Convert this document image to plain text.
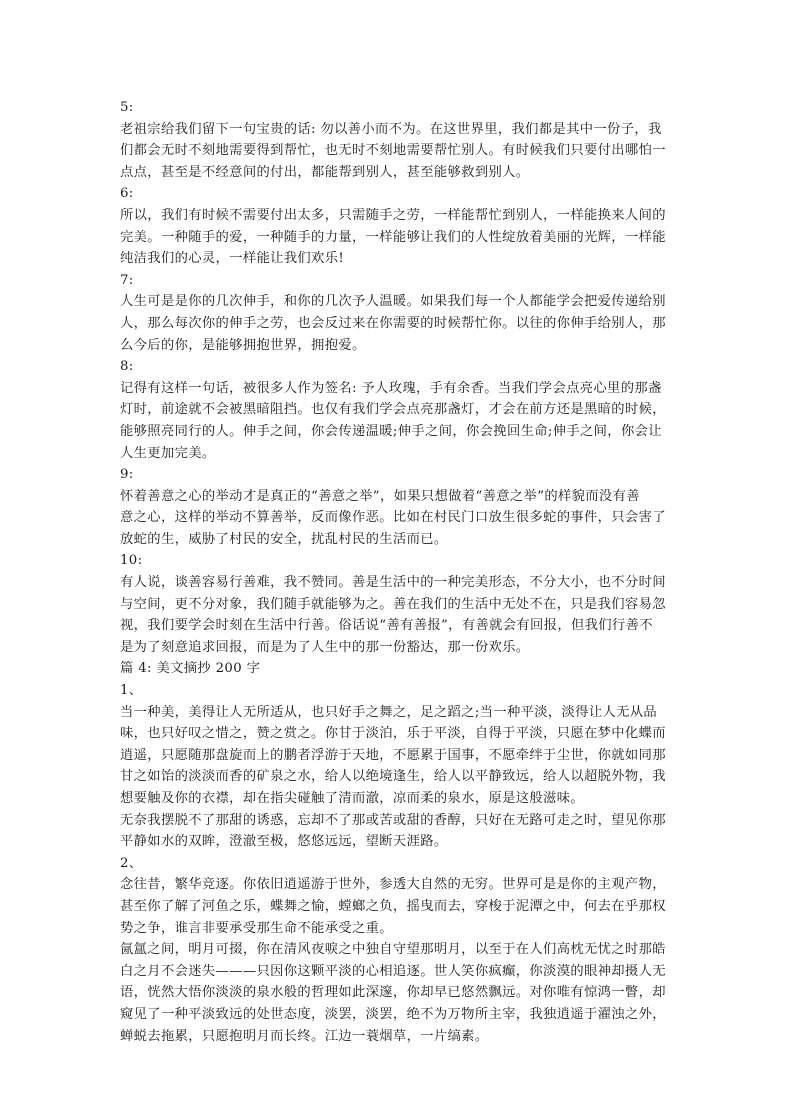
5:
老祖宗给我们留下一句宝贵的话: 勿以善小而不为。在这世界里，我们都是其中一份子，我
们都会无时不刻地需要得到帮忙，也无时不刻地需要帮忙别人。有时候我们只要付出哪怕一
点点，甚至是不经意间的付出，都能帮到别人，甚至能够救到别人。
6:
所以，我们有时候不需要付出太多，只需随手之劳，一样能帮忙到别人，一样能换来人间的
完美。一种随手的爱，一种随手的力量，一样能够让我们的人性绽放着美丽的光辉，一样能
纯洁我们的心灵，一样能让我们欢乐!
7:
人生可是是你的几次伸手，和你的几次予人温暖。如果我们每一个人都能学会把爱传递给别
人，那么每次你的伸手之劳，也会反过来在你需要的时候帮忙你。以往的你伸手给别人，那
么今后的你，是能够拥抱世界，拥抱爱。
8:
记得有这样一句话，被很多人作为签名: 予人玫瑰，手有余香。当我们学会点亮心里的那盏
灯时，前途就不会被黑暗阻挡。也仅有我们学会点亮那盏灯，才会在前方还是黑暗的时候，
能够照亮同行的人。伸手之间，你会传递温暖;伸手之间，你会挽回生命;伸手之间，你会让
人生更加完美。
9:
怀着善意之心的举动才是真正的“善意之举”，如果只想做着“善意之举”的样貌而没有善
意之心，这样的举动不算善举，反而像作恶。比如在村民门口放生很多蛇的事件，只会害了
放蛇的生，威胁了村民的安全，扰乱村民的生活而已。
10:
有人说，谈善容易行善难，我不赞同。善是生活中的一种完美形态，不分大小，也不分时间
与空间，更不分对象，我们随手就能够为之。善在我们的生活中无处不在，只是我们容易忽
视，我们要学会时刻在生活中行善。俗话说“善有善报”，有善就会有回报，但我们行善不
是为了刻意追求回报，而是为了人生中的那一份豁达，那一份欢乐。
篇 4: 美文摘抄 200 字
1、
当一种美，美得让人无所适从，也只好手之舞之，足之蹈之;当一种平淡，淡得让人无从品
味，也只好叹之惜之，赞之赏之。你甘于淡泊，乐于平淡，自得于平淡，只愿在梦中化蝶而
逍遥，只愿随那盘旋而上的鹏者浮游于天地，不愿累于国事，不愿牵绊于尘世，你就如同那
甘之如饴的淡淡而香的矿泉之水，给人以绝境逢生，给人以平静致远，给人以超脱外物，我
想要触及你的衣襟，却在指尖碰触了清而澈，凉而柔的泉水，原是这般滋味。
无奈我摆脱不了那甜的诱惑，忘却不了那或苦或甜的香醇，只好在无路可走之时，望见你那
平静如水的双眸，澄澈至极，悠悠远远，望断天涯路。
2、
念往昔，繁华竞逐。你依旧逍遥游于世外，参透大自然的无穷。世界可是是你的主观产物，
甚至你了解了河鱼之乐，蝶舞之愉，螳螂之负，摇曳而去，穿梭于泥潭之中，何去在乎那权
势之争，谁言非要承受那生命不能承受之重。
氤氲之间，明月可掇，你在清风夜唳之中独自守望那明月，以至于在人们高枕无忧之时那皓
白之月不会迷失———只因你这颗平淡的心相追逐。世人笑你疯癫，你淡漠的眼神却摄人无
语，恍然大悟你淡淡的泉水般的哲理如此深邃，你却早已悠然飘远。对你唯有惊鸿一瞥，却
窥见了一种平淡致远的处世态度，淡罢，淡罢，绝不为万物所主宰，我独逍遥于濯浊之外，
蝉蜕去拖累，只愿抱明月而长终。江边一蓑烟草，一片缟素。
